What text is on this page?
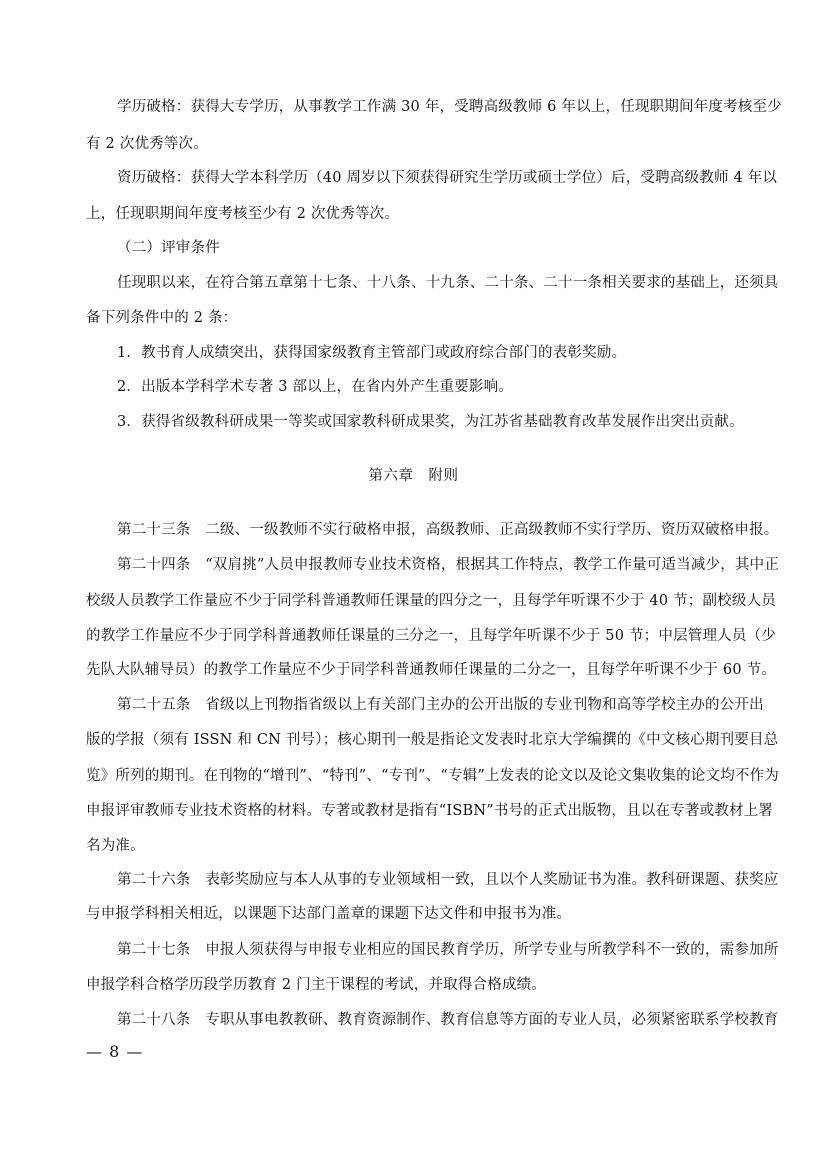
学历破格：获得大专学历，从事教学工作满 30 年，受聘高级教师 6 年以上，任现职期间年度考核至少
有 2 次优秀等次。
资历破格：获得大学本科学历（40 周岁以下须获得研究生学历或硕士学位）后，受聘高级教师 4 年以
上，任现职期间年度考核至少有 2 次优秀等次。
（二）评审条件
任现职以来，在符合第五章第十七条、十八条、十九条、二十条、二十一条相关要求的基础上，还须具
备下列条件中的 2 条：
1．教书育人成绩突出，获得国家级教育主管部门或政府综合部门的表彰奖励。
2．出版本学科学术专著 3 部以上，在省内外产生重要影响。
3．获得省级教科研成果一等奖或国家教科研成果奖，为江苏省基础教育改革发展作出突出贡献。
第六章　附则
第二十三条　二级、一级教师不实行破格申报，高级教师、正高级教师不实行学历、资历双破格申报。
第二十四条　“双肩挑”人员申报教师专业技术资格，根据其工作特点，教学工作量可适当减少，其中正
校级人员教学工作量应不少于同学科普通教师任课量的四分之一，且每学年听课不少于 40 节；副校级人员
的教学工作量应不少于同学科普通教师任课量的三分之一，且每学年听课不少于 50 节；中层管理人员（少
先队大队辅导员）的教学工作量应不少于同学科普通教师任课量的二分之一，且每学年听课不少于 60 节。
第二十五条　省级以上刊物指省级以上有关部门主办的公开出版的专业刊物和高等学校主办的公开出
版的学报（须有 ISSN 和 CN 刊号）；核心期刊一般是指论文发表时北京大学编撰的《中文核心期刊要目总
览》所列的期刊。在刊物的“增刊”、“特刊”、“专刊”、“专辑”上发表的论文以及论文集收集的论文均不作为
申报评审教师专业技术资格的材料。专著或教材是指有“ISBN”书号的正式出版物，且以在专著或教材上署
名为准。
第二十六条　表彰奖励应与本人从事的专业领域相一致，且以个人奖励证书为准。教科研课题、获奖应
与申报学科相关相近，以课题下达部门盖章的课题下达文件和申报书为准。
第二十七条　申报人须获得与申报专业相应的国民教育学历，所学专业与所教学科不一致的，需参加所
申报学科合格学历段学历教育 2 门主干课程的考试，并取得合格成绩。
第二十八条　专职从事电教教研、教育资源制作、教育信息等方面的专业人员，必须紧密联系学校教育
— 8 —
